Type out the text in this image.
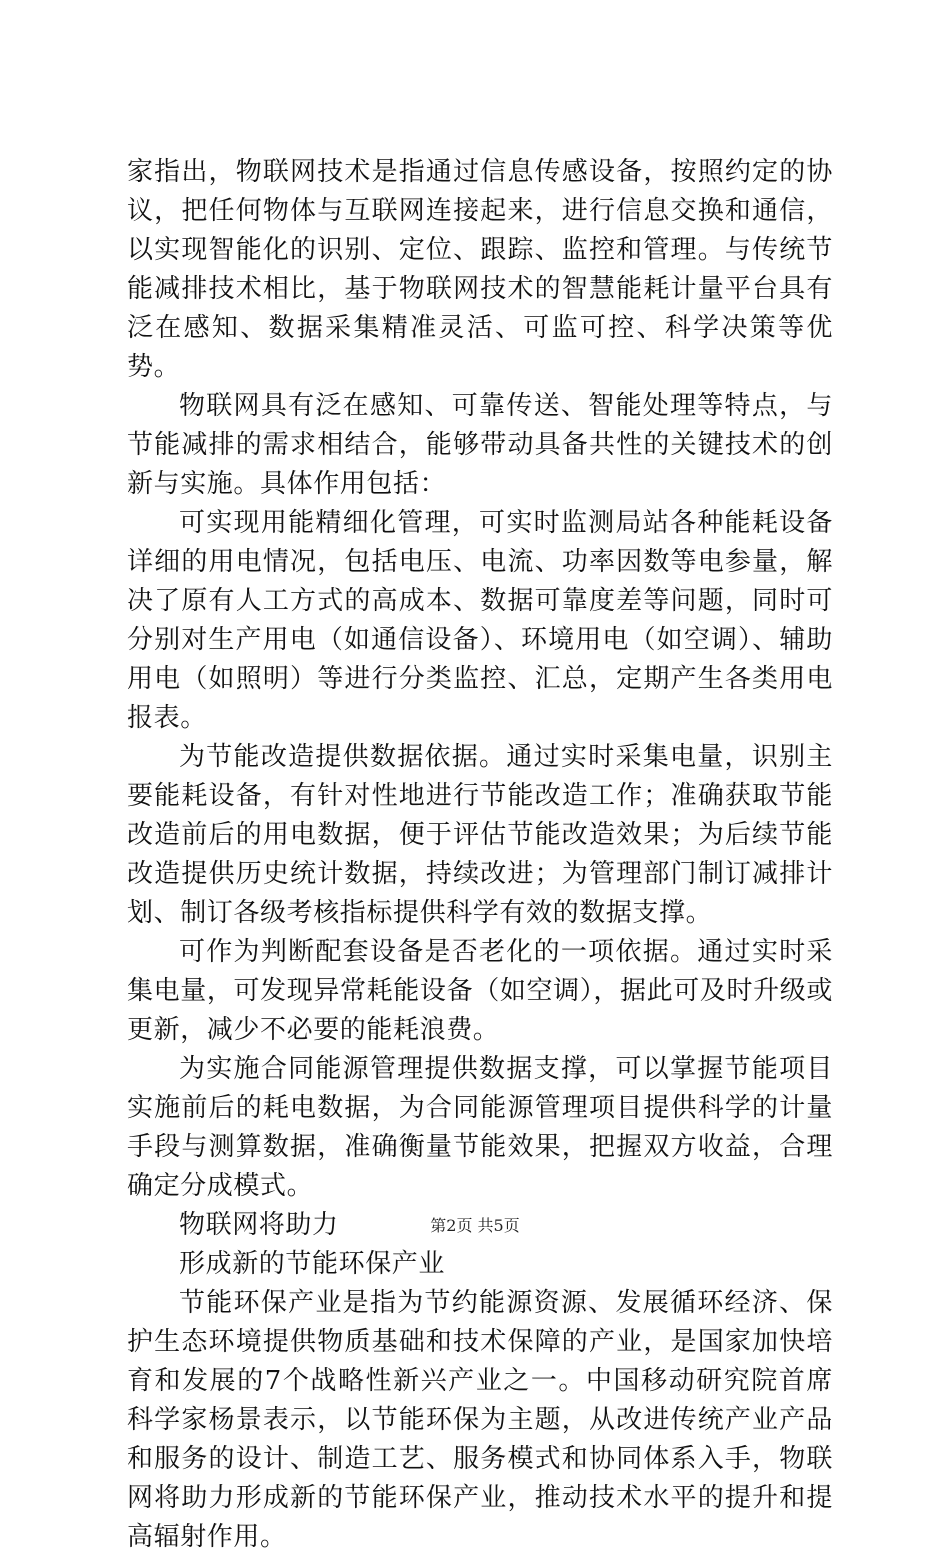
家指出，物联网技术是指通过信息传感设备，按照约定的协议，把任何物体与互联网连接起来，进行信息交换和通信，以实现智能化的识别、定位、跟踪、监控和管理。与传统节能减排技术相比，基于物联网技术的智慧能耗计量平台具有泛在感知、数据采集精准灵活、可监可控、科学决策等优势。

物联网具有泛在感知、可靠传送、智能处理等特点，与节能减排的需求相结合，能够带动具备共性的关键技术的创新与实施。具体作用包括：

可实现用能精细化管理，可实时监测局站各种能耗设备详细的用电情况，包括电压、电流、功率因数等电参量，解决了原有人工方式的高成本、数据可靠度差等问题，同时可分别对生产用电（如通信设备）、环境用电（如空调）、辅助用电（如照明）等进行分类监控、汇总，定期产生各类用电报表。

为节能改造提供数据依据。通过实时采集电量，识别主要能耗设备，有针对性地进行节能改造工作；准确获取节能改造前后的用电数据，便于评估节能改造效果；为后续节能改造提供历史统计数据，持续改进；为管理部门制订减排计划、制订各级考核指标提供科学有效的数据支撑。

可作为判断配套设备是否老化的一项依据。通过实时采集电量，可发现异常耗能设备（如空调），据此可及时升级或更新，减少不必要的能耗浪费。

为实施合同能源管理提供数据支撑，可以掌握节能项目实施前后的耗电数据，为合同能源管理项目提供科学的计量手段与测算数据，准确衡量节能效果，把握双方收益，合理确定分成模式。

物联网将助力

形成新的节能环保产业

节能环保产业是指为节约能源资源、发展循环经济、保护生态环境提供物质基础和技术保障的产业，是国家加快培育和发展的7个战略性新兴产业之一。中国移动研究院首席科学家杨景表示，以节能环保为主题，从改进传统产业产品和服务的设计、制造工艺、服务模式和协同体系入手，物联网将助力形成新的节能环保产业，推动技术水平的提升和提高辐射作用。

第2页 共5页
